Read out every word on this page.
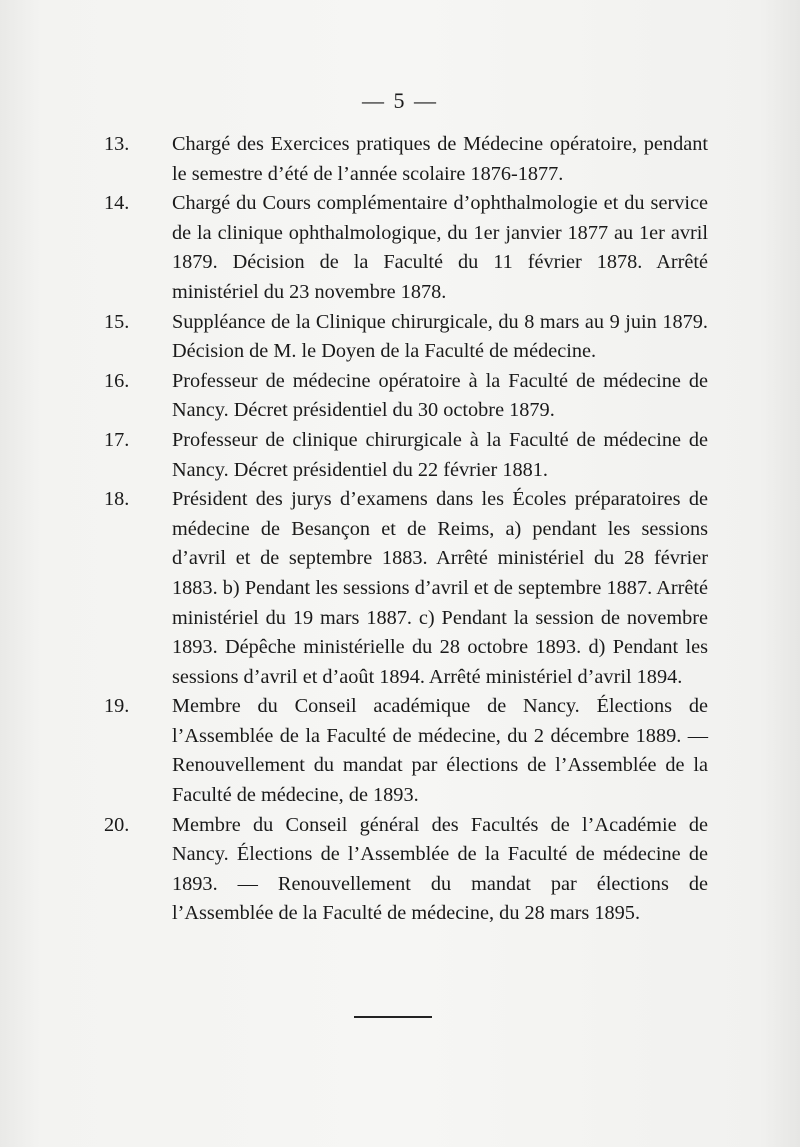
— 5 —
13.	Chargé des Exercices pratiques de Médecine opératoire, pendant le semestre d’été de l’année scolaire 1876-1877.
14.	Chargé du Cours complémentaire d’ophthalmologie et du service de la clinique ophthalmologique, du 1er janvier 1877 au 1er avril 1879. Décision de la Faculté du 11 février 1878. Arrêté ministériel du 23 novembre 1878.
15.	Suppléance de la Clinique chirurgicale, du 8 mars au 9 juin 1879. Décision de M. le Doyen de la Faculté de médecine.
16.	Professeur de médecine opératoire à la Faculté de médecine de Nancy. Décret présidentiel du 30 octobre 1879.
17.	Professeur de clinique chirurgicale à la Faculté de médecine de Nancy. Décret présidentiel du 22 février 1881.
18.	Président des jurys d’examens dans les Écoles préparatoires de médecine de Besançon et de Reims, a) pendant les sessions d’avril et de septembre 1883. Arrêté ministériel du 28 février 1883. b) Pendant les sessions d’avril et de septembre 1887. Arrêté ministériel du 19 mars 1887. c) Pendant la session de novembre 1893. Dépêche ministérielle du 28 octobre 1893. d) Pendant les sessions d’avril et d’août 1894. Arrêté ministériel d’avril 1894.
19.	Membre du Conseil académique de Nancy. Élections de l’Assemblée de la Faculté de médecine, du 2 décembre 1889. — Renouvellement du mandat par élections de l’Assemblée de la Faculté de médecine, de 1893.
20.	Membre du Conseil général des Facultés de l’Académie de Nancy. Élections de l’Assemblée de la Faculté de médecine de 1893. — Renouvellement du mandat par élections de l’Assemblée de la Faculté de médecine, du 28 mars 1895.
